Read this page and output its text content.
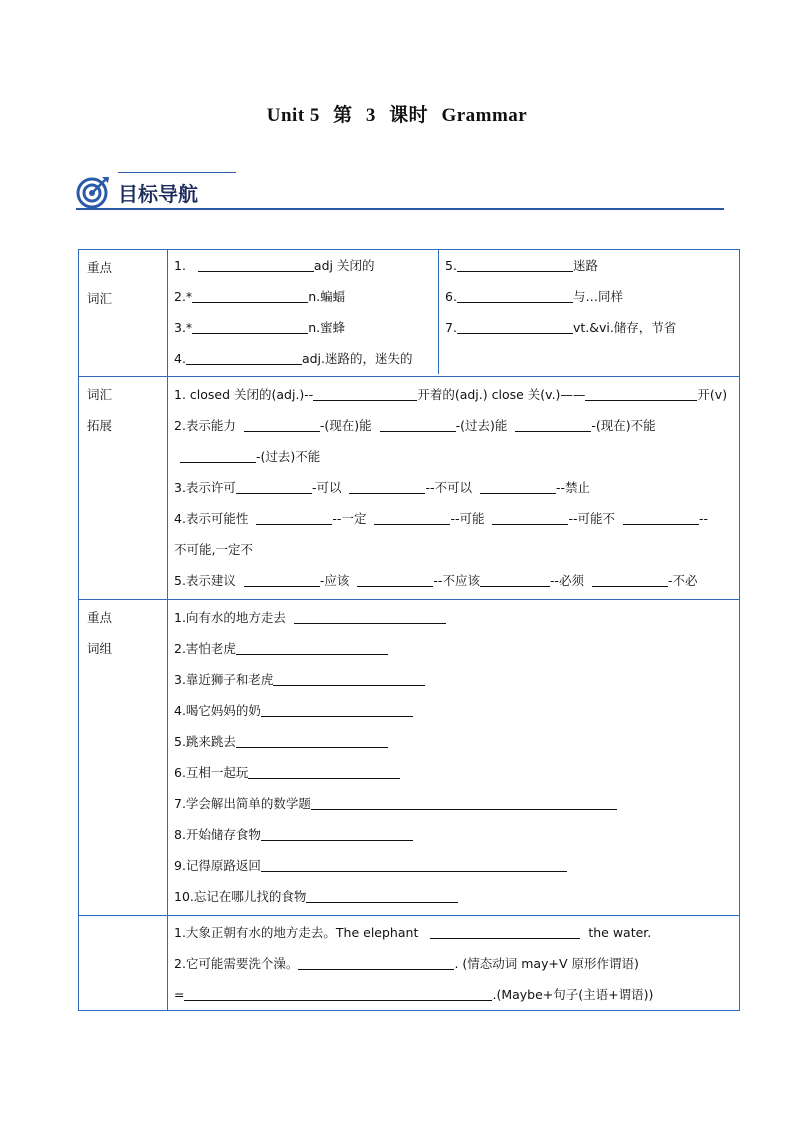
Unit 5 第 3 课时 Grammar
目标导航
重点
词汇

1.	adj 关闭的
2.*	n.蝙蝠
3.*	n.蜜蜂
4.	adj.迷路的，迷失的

5.	迷路
6.	与…同样
7.	vt.&vi.储存，节省

词汇
拓展

1. closed 关闭的(adj.)--	开着的(adj.) close 关(v.)——	开(v)
2.表示能力	-(现在)能	-(过去)能	-(现在)不能
-(过去)不能
3.表示许可	-可以	--不可以	--禁止
4.表示可能性	--一定	--可能	--可能不	--
不可能,一定不
5.表示建议	-应该	--不应该	--必须	-不必

重点
词组

1.向有水的地方走去
2.害怕老虎
3.靠近狮子和老虎
4.喝它妈妈的奶
5.跳来跳去
6.互相一起玩
7.学会解出简单的数学题
8.开始储存食物
9.记得原路返回
10.忘记在哪儿找的食物

1.大象正朝有水的地方走去。The elephant	the water.
2.它可能需要洗个澡。	. (情态动词 may+V 原形作谓语)
=	.(Maybe+句子(主语+谓语))
